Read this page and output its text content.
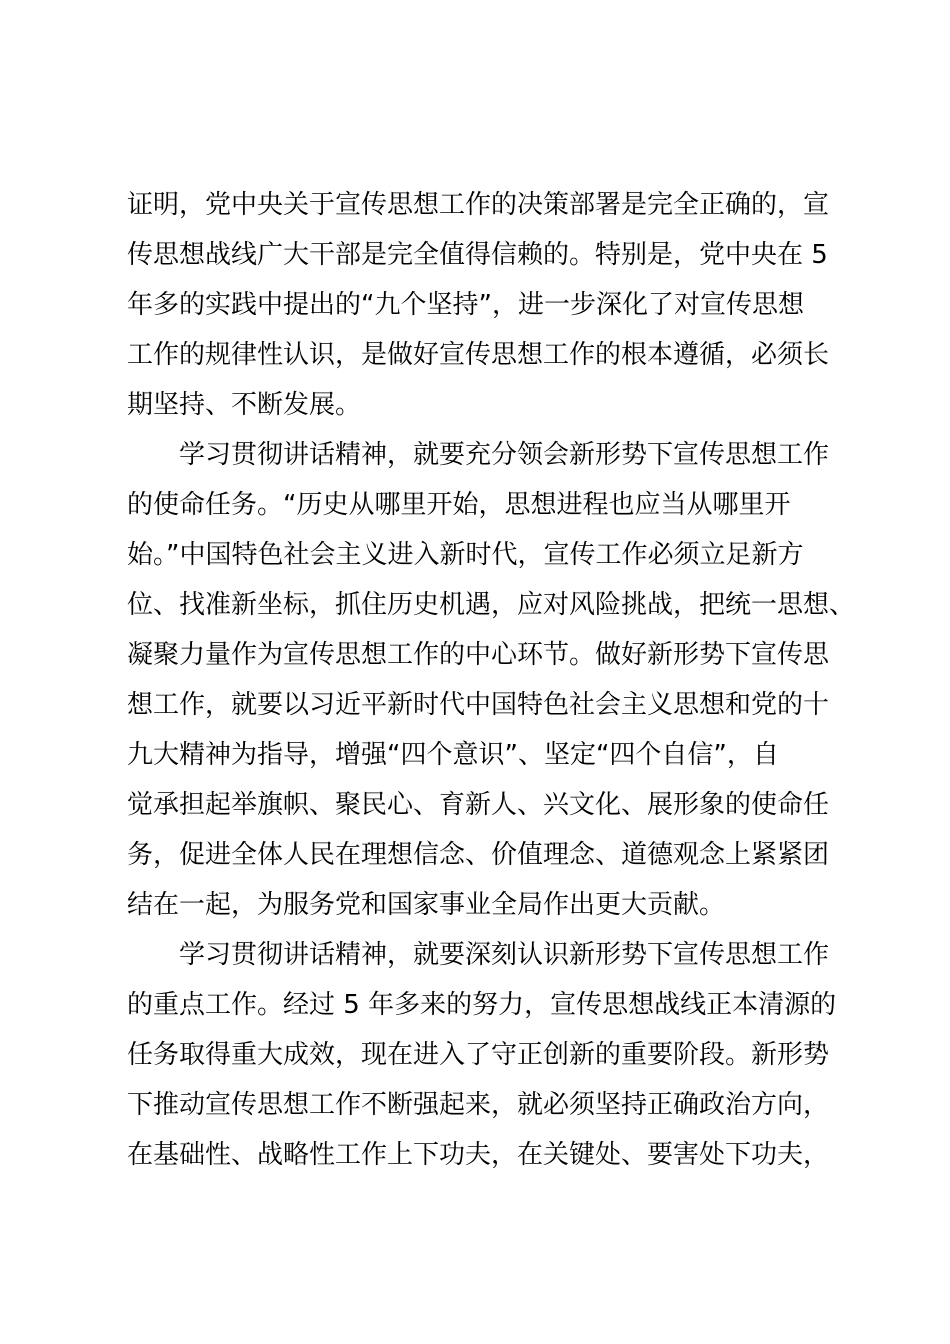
证明，党中央关于宣传思想工作的决策部署是完全正确的，宣
传思想战线广大干部是完全值得信赖的。特别是，党中央在 5
年多的实践中提出的“九个坚持”，进一步深化了对宣传思想
工作的规律性认识，是做好宣传思想工作的根本遵循，必须长
期坚持、不断发展。
学习贯彻讲话精神，就要充分领会新形势下宣传思想工作
的使命任务。“历史从哪里开始，思想进程也应当从哪里开
始。”中国特色社会主义进入新时代，宣传工作必须立足新方
位、找准新坐标，抓住历史机遇，应对风险挑战，把统一思想、
凝聚力量作为宣传思想工作的中心环节。做好新形势下宣传思
想工作，就要以习近平新时代中国特色社会主义思想和党的十
九大精神为指导，增强“四个意识”、坚定“四个自信”，自
觉承担起举旗帜、聚民心、育新人、兴文化、展形象的使命任
务，促进全体人民在理想信念、价值理念、道德观念上紧紧团
结在一起，为服务党和国家事业全局作出更大贡献。
学习贯彻讲话精神，就要深刻认识新形势下宣传思想工作
的重点工作。经过 5 年多来的努力，宣传思想战线正本清源的
任务取得重大成效，现在进入了守正创新的重要阶段。新形势
下推动宣传思想工作不断强起来，就必须坚持正确政治方向，
在基础性、战略性工作上下功夫，在关键处、要害处下功夫，
